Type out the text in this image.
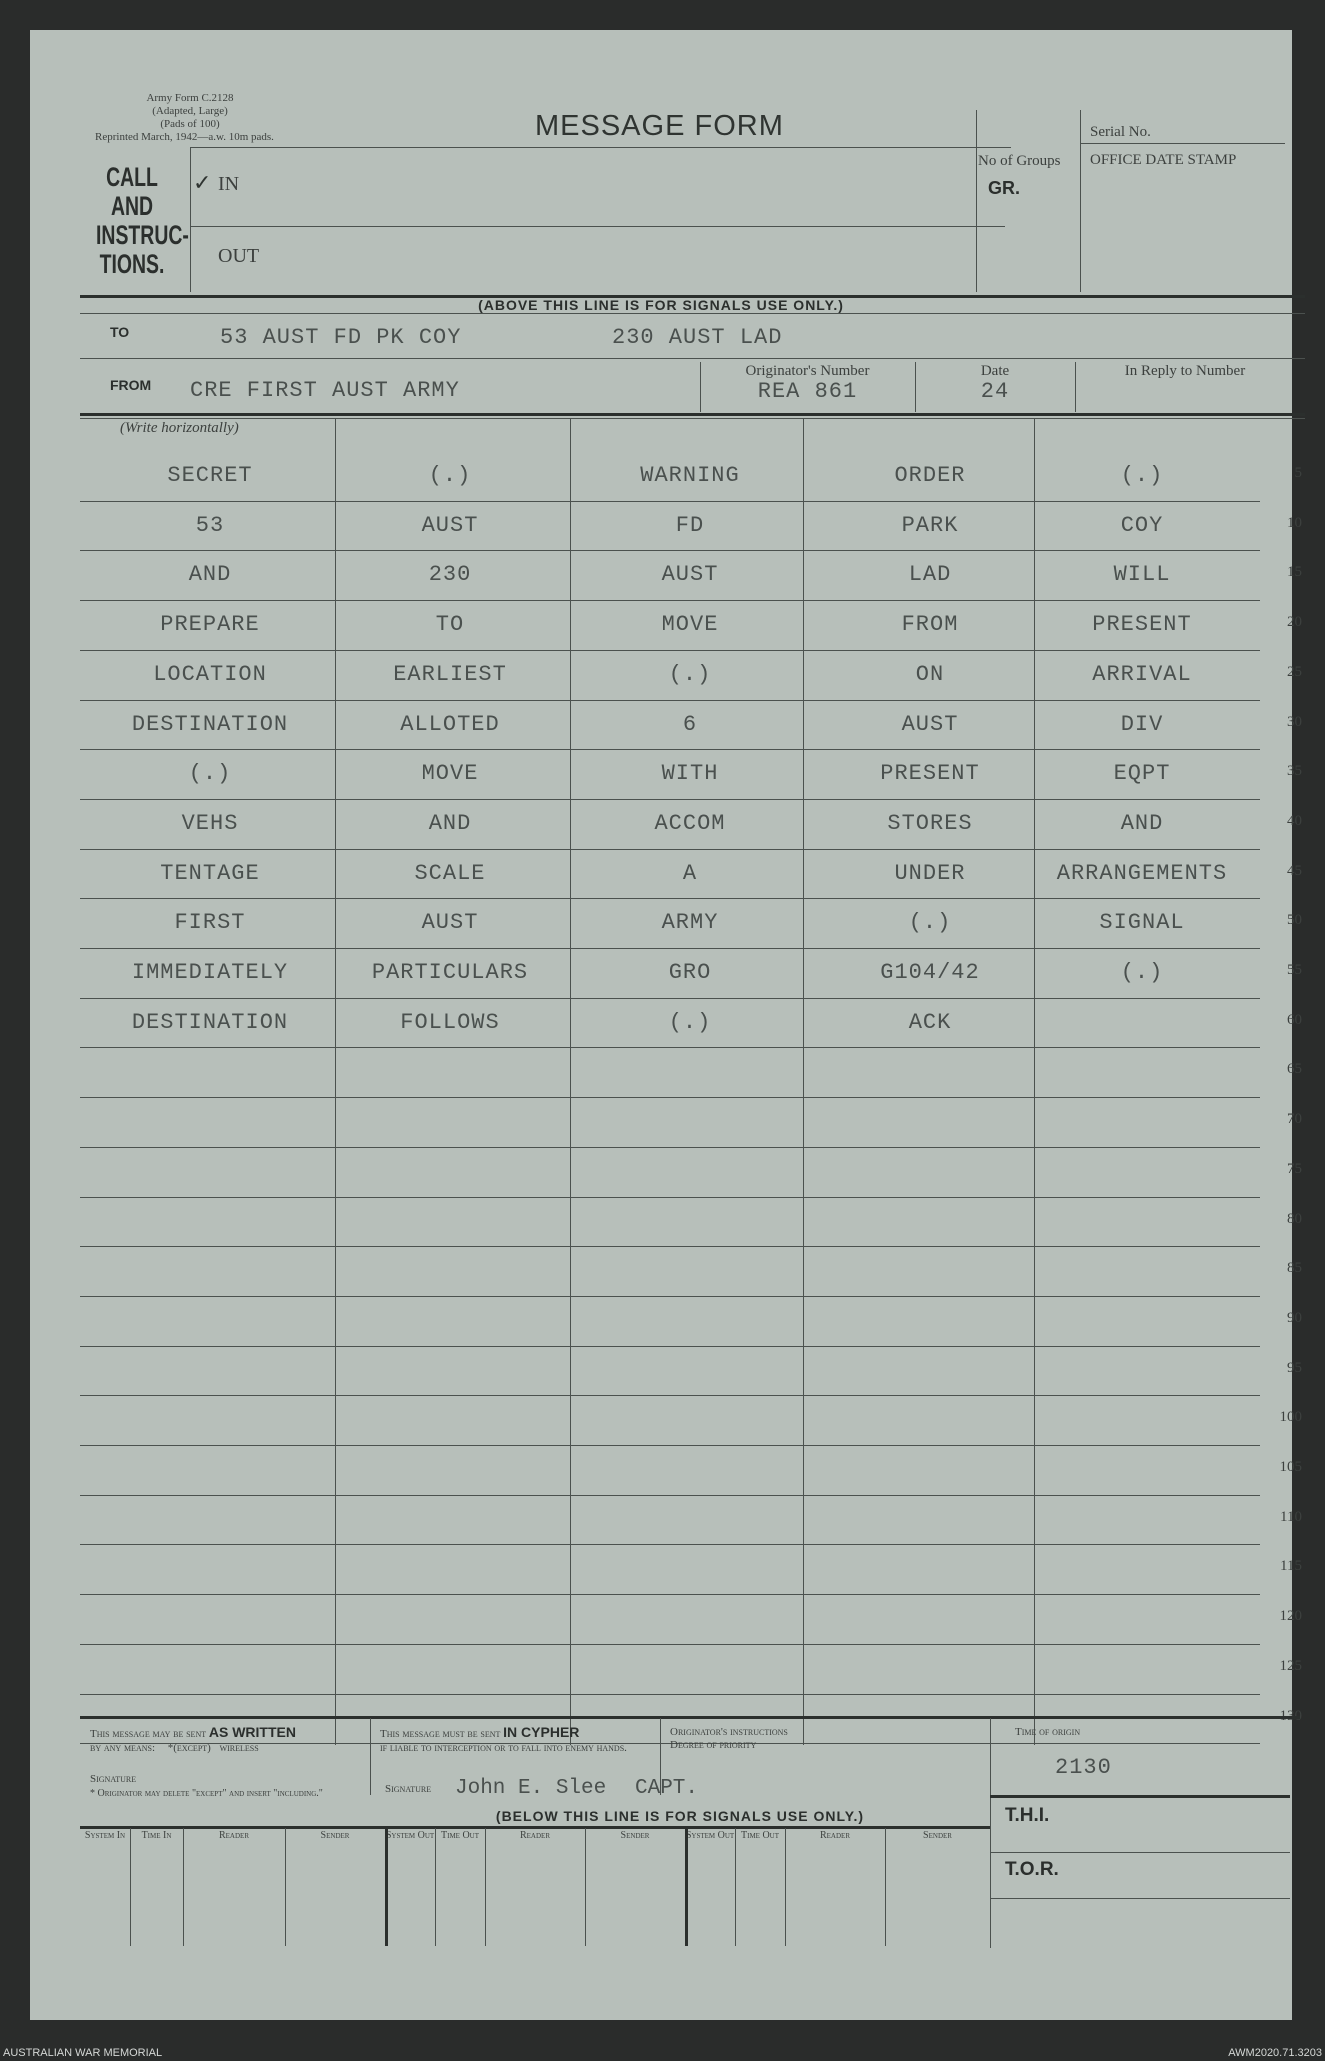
Army Form C.2128
(Adapted, Large)
(Pads of 100)
Reprinted March, 1942—a.w. 10m pads.	MESSAGE FORM
CALL AND INSTRUC- TIONS.
✓ IN
OUT
No of Groups
GR.
Serial No.
OFFICE DATE STAMP
(ABOVE THIS LINE IS FOR SIGNALS USE ONLY.)
TO	53 AUST FD PK COY	230 AUST LAD
FROM CRE FIRST AUST ARMY
Originator's Number
REA 861
Date
24
In Reply to Number
(Write horizontally)
5
10
15
20
25
30
35
40
45
50
55
60
65
70
75
80
85
90
95
100
105
110
115
120
125
130
SECRET	(.)	WARNING	ORDER	(.)
53	AUST	FD	PARK	COY
AND	230	AUST	LAD	WILL
PREPARE	TO	MOVE	FROM	PRESENT
LOCATION	EARLIEST	(.)	ON	ARRIVAL
DESTINATION	ALLOTED	6	AUST	DIV
(.)	MOVE	WITH	PRESENT	EQPT
VEHS	AND	ACCOM	STORES	AND
TENTAGE	SCALE	A	UNDER	ARRANGEMENTS
FIRST	AUST	ARMY	(.)	SIGNAL
IMMEDIATELY	PARTICULARS	GRO	G104/42	(.)
DESTINATION	FOLLOWS	(.)	ACK
This message may be sent AS WRITTEN
by any means: *(except) wireless
Signature
* Originator may delete "except" and insert "including."
This message must be sent IN CYPHER
if liable to interception or to fall into enemy hands.
Signature John E. Slee CAPT.
Originator's instructions
Degree of priority
Time of origin
2130
(BELOW THIS LINE IS FOR SIGNALS USE ONLY.)	T.H.I.
T.O.R.
System In	Time In	Reader	Sender	System Out Time Out	Reader	Sender	System Out Time Out	Reader	Sender
AUSTRALIAN WAR MEMORIAL	AWM2020.71.3203
